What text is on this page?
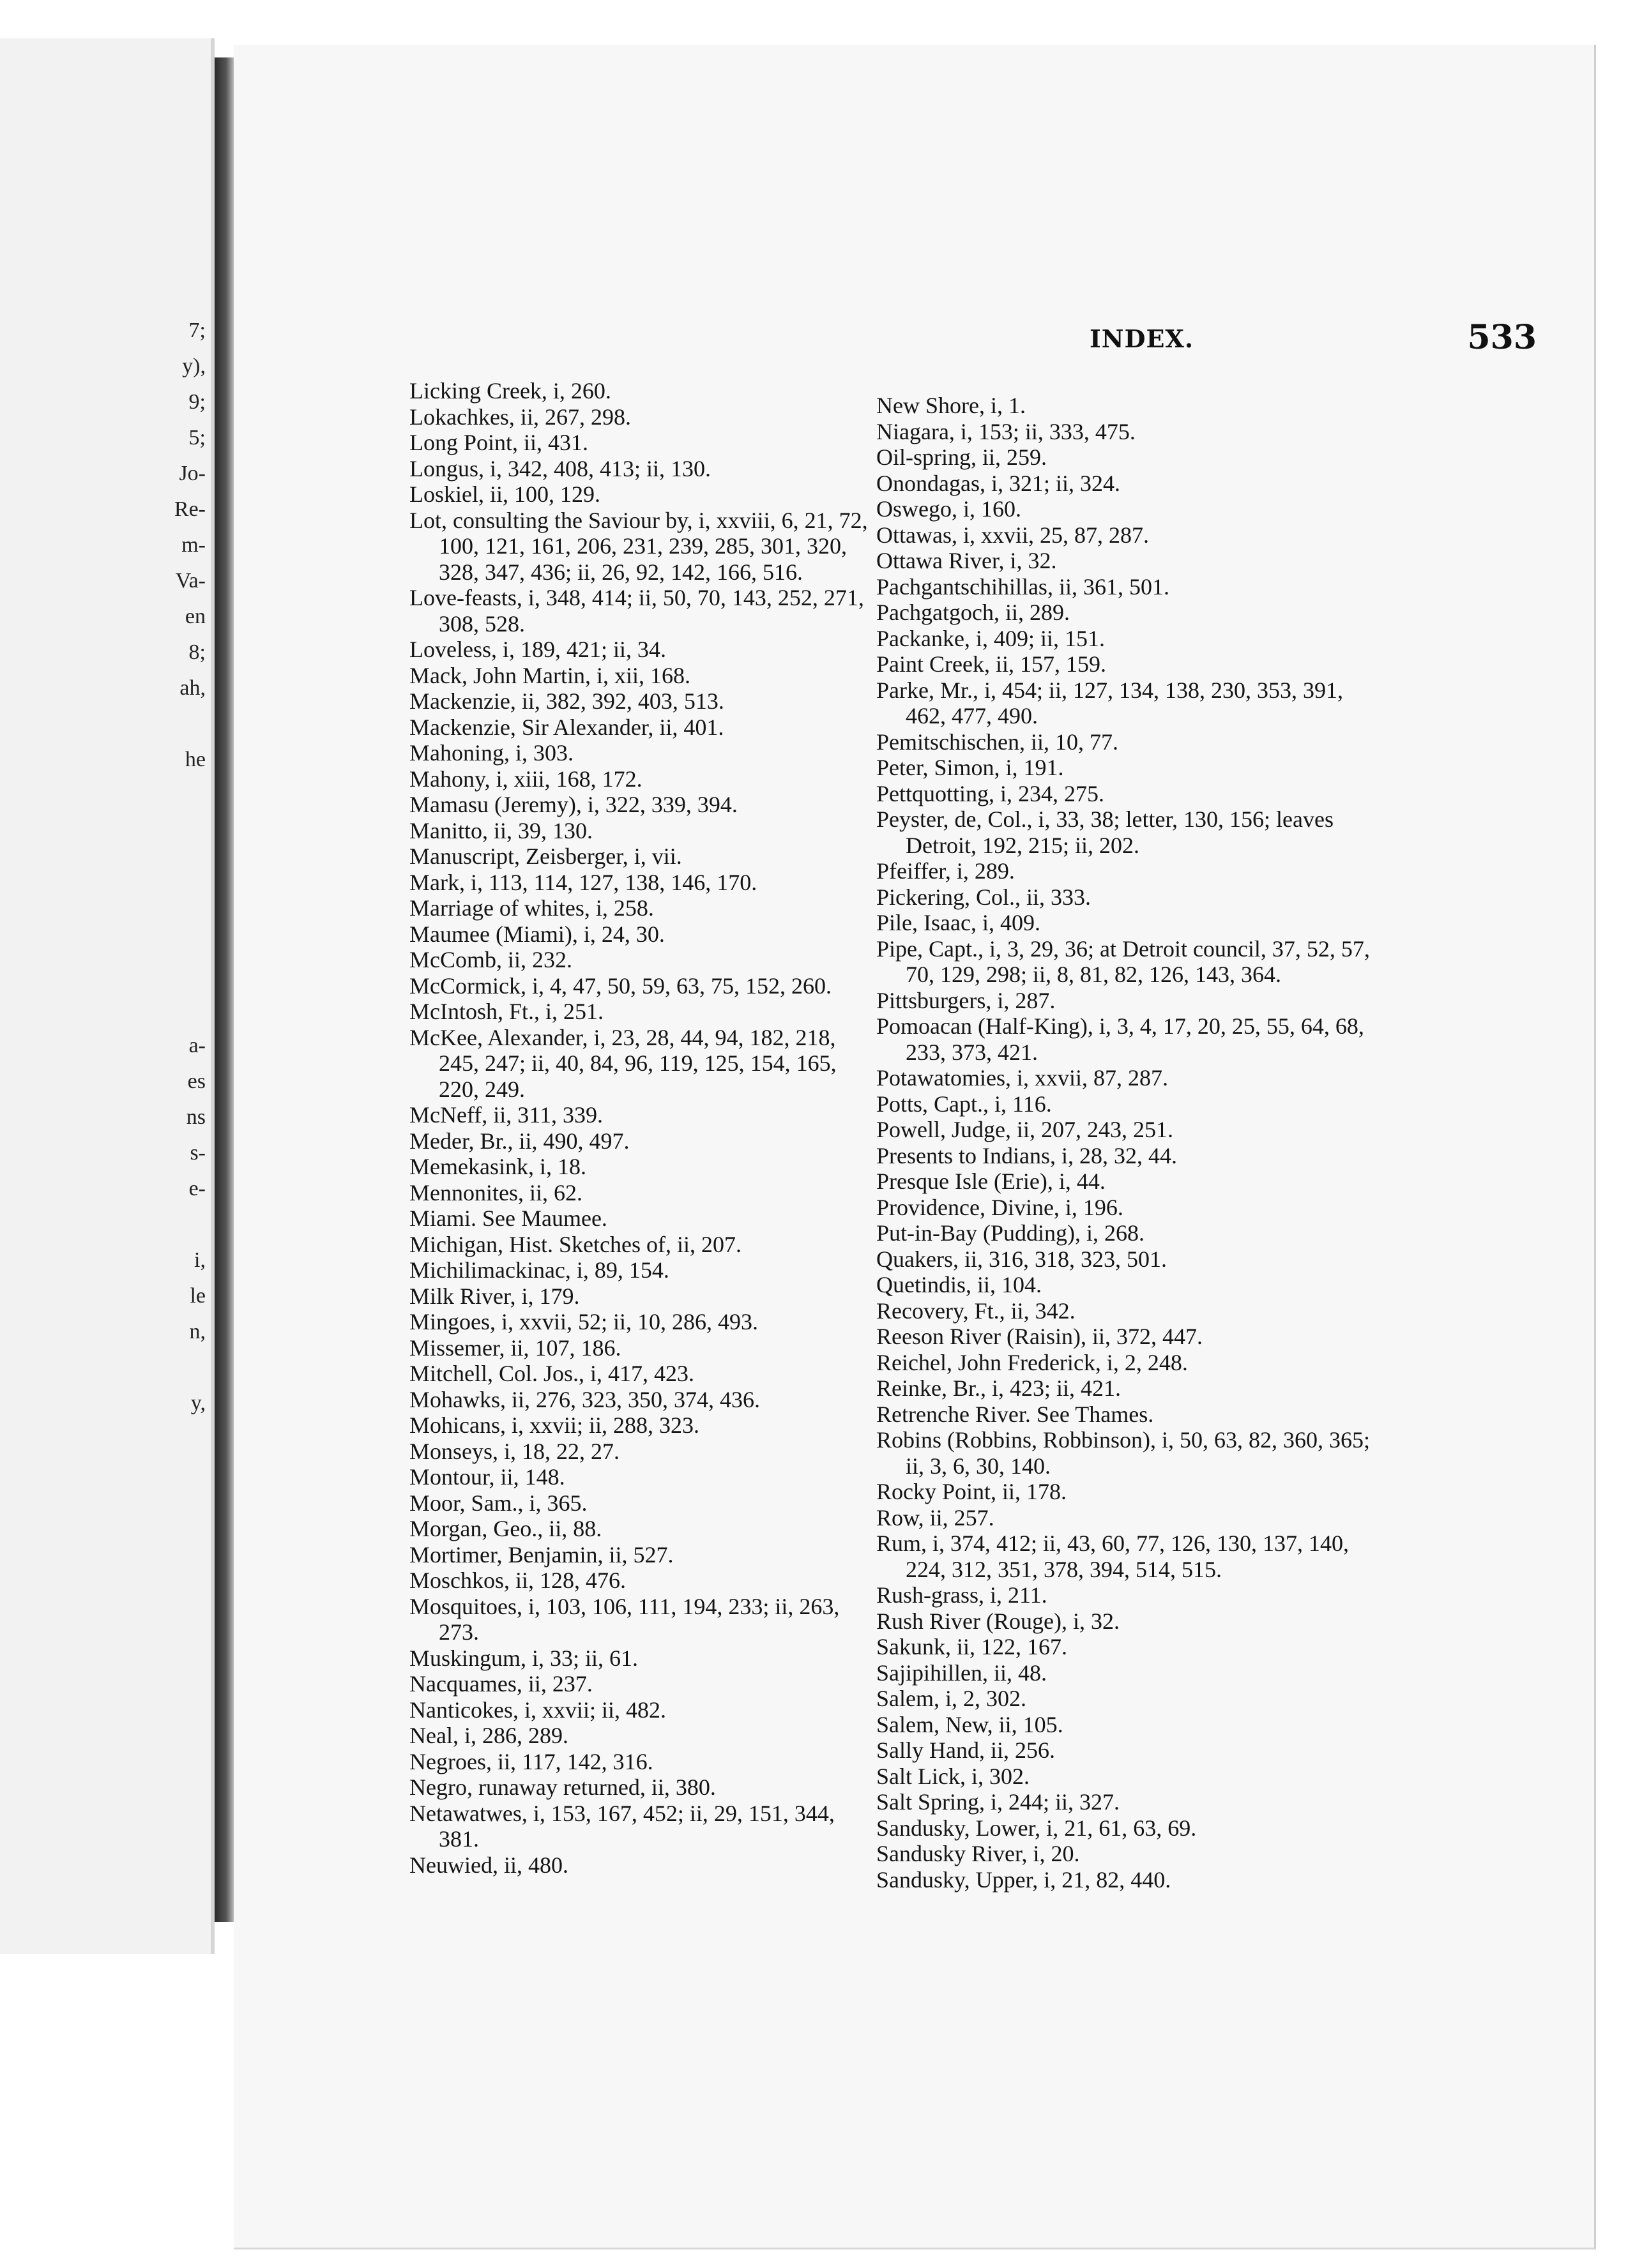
7;
y),
9;
5;
Jo-
Re-
m-
Va-
en
8;
ah,
he
a-
es
ns
s-
e-
i,
le
n,
y,
INDEX.	533
Licking Creek, i, 260.
Lokachkes, ii, 267, 298.
Long Point, ii, 431.
Longus, i, 342, 408, 413; ii, 130.
Loskiel, ii, 100, 129.
Lot, consulting the Saviour by, i, xxviii, 6, 21, 72, 100, 121, 161, 206, 231, 239, 285, 301, 320, 328, 347, 436; ii, 26, 92, 142, 166, 516.
Love-feasts, i, 348, 414; ii, 50, 70, 143, 252, 271, 308, 528.
Loveless, i, 189, 421; ii, 34.
Mack, John Martin, i, xii, 168.
Mackenzie, ii, 382, 392, 403, 513.
Mackenzie, Sir Alexander, ii, 401.
Mahoning, i, 303.
Mahony, i, xiii, 168, 172.
Mamasu (Jeremy), i, 322, 339, 394.
Manitto, ii, 39, 130.
Manuscript, Zeisberger, i, vii.
Mark, i, 113, 114, 127, 138, 146, 170.
Marriage of whites, i, 258.
Maumee (Miami), i, 24, 30.
McComb, ii, 232.
McCormick, i, 4, 47, 50, 59, 63, 75, 152, 260.
McIntosh, Ft., i, 251.
McKee, Alexander, i, 23, 28, 44, 94, 182, 218, 245, 247; ii, 40, 84, 96, 119, 125, 154, 165, 220, 249.
McNeff, ii, 311, 339.
Meder, Br., ii, 490, 497.
Memekasink, i, 18.
Mennonites, ii, 62.
Miami. See Maumee.
Michigan, Hist. Sketches of, ii, 207.
Michilimackinac, i, 89, 154.
Milk River, i, 179.
Mingoes, i, xxvii, 52; ii, 10, 286, 493.
Missemer, ii, 107, 186.
Mitchell, Col. Jos., i, 417, 423.
Mohawks, ii, 276, 323, 350, 374, 436.
Mohicans, i, xxvii; ii, 288, 323.
Monseys, i, 18, 22, 27.
Montour, ii, 148.
Moor, Sam., i, 365.
Morgan, Geo., ii, 88.
Mortimer, Benjamin, ii, 527.
Moschkos, ii, 128, 476.
Mosquitoes, i, 103, 106, 111, 194, 233; ii, 263, 273.
Muskingum, i, 33; ii, 61.
Nacquames, ii, 237.
Nanticokes, i, xxvii; ii, 482.
Neal, i, 286, 289.
Negroes, ii, 117, 142, 316.
Negro, runaway returned, ii, 380.
Netawatwes, i, 153, 167, 452; ii, 29, 151, 344, 381.
Neuwied, ii, 480.
New Shore, i, 1.
Niagara, i, 153; ii, 333, 475.
Oil-spring, ii, 259.
Onondagas, i, 321; ii, 324.
Oswego, i, 160.
Ottawas, i, xxvii, 25, 87, 287.
Ottawa River, i, 32.
Pachgantschihillas, ii, 361, 501.
Pachgatgoch, ii, 289.
Packanke, i, 409; ii, 151.
Paint Creek, ii, 157, 159.
Parke, Mr., i, 454; ii, 127, 134, 138, 230, 353, 391, 462, 477, 490.
Pemitschischen, ii, 10, 77.
Peter, Simon, i, 191.
Pettquotting, i, 234, 275.
Peyster, de, Col., i, 33, 38; letter, 130, 156; leaves Detroit, 192, 215; ii, 202.
Pfeiffer, i, 289.
Pickering, Col., ii, 333.
Pile, Isaac, i, 409.
Pipe, Capt., i, 3, 29, 36; at Detroit council, 37, 52, 57, 70, 129, 298; ii, 8, 81, 82, 126, 143, 364.
Pittsburgers, i, 287.
Pomoacan (Half-King), i, 3, 4, 17, 20, 25, 55, 64, 68, 233, 373, 421.
Potawatomies, i, xxvii, 87, 287.
Potts, Capt., i, 116.
Powell, Judge, ii, 207, 243, 251.
Presents to Indians, i, 28, 32, 44.
Presque Isle (Erie), i, 44.
Providence, Divine, i, 196.
Put-in-Bay (Pudding), i, 268.
Quakers, ii, 316, 318, 323, 501.
Quetindis, ii, 104.
Recovery, Ft., ii, 342.
Reeson River (Raisin), ii, 372, 447.
Reichel, John Frederick, i, 2, 248.
Reinke, Br., i, 423; ii, 421.
Retrenche River. See Thames.
Robins (Robbins, Robbinson), i, 50, 63, 82, 360, 365; ii, 3, 6, 30, 140.
Rocky Point, ii, 178.
Row, ii, 257.
Rum, i, 374, 412; ii, 43, 60, 77, 126, 130, 137, 140, 224, 312, 351, 378, 394, 514, 515.
Rush-grass, i, 211.
Rush River (Rouge), i, 32.
Sakunk, ii, 122, 167.
Sajipihillen, ii, 48.
Salem, i, 2, 302.
Salem, New, ii, 105.
Sally Hand, ii, 256.
Salt Lick, i, 302.
Salt Spring, i, 244; ii, 327.
Sandusky, Lower, i, 21, 61, 63, 69.
Sandusky River, i, 20.
Sandusky, Upper, i, 21, 82, 440.
